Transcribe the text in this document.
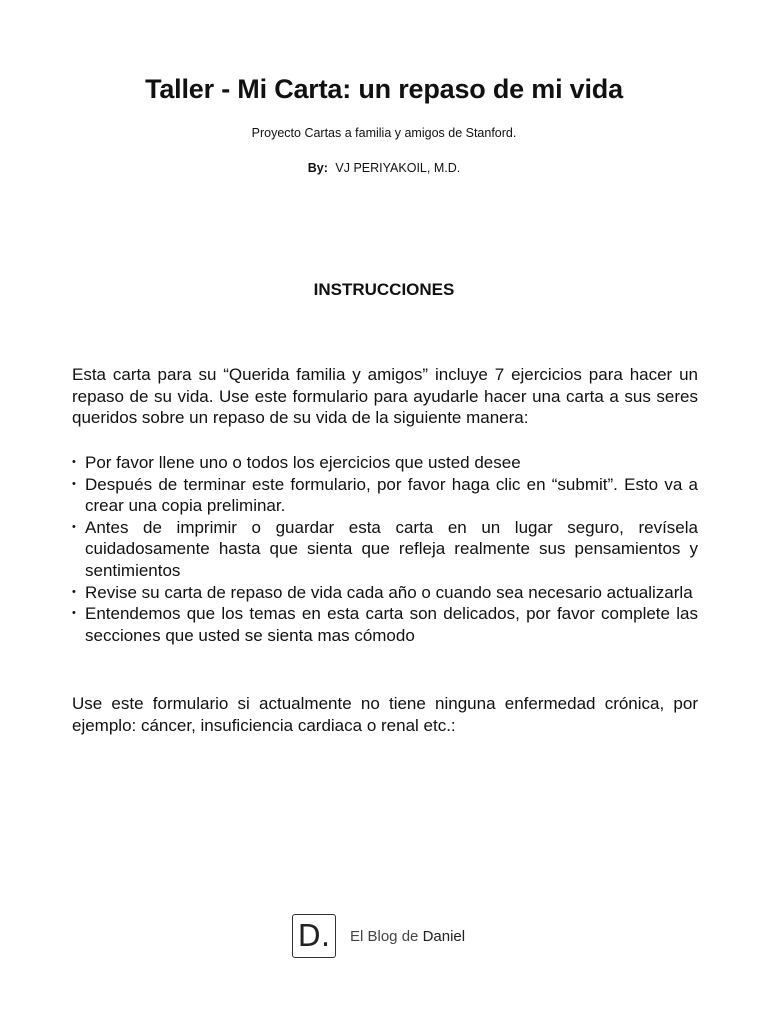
Taller - Mi Carta: un repaso de mi vida
Proyecto Cartas a familia y amigos de Stanford.
By: VJ PERIYAKOIL, M.D.
INSTRUCCIONES
Esta carta para su “Querida familia y amigos” incluye 7 ejercicios para hacer un repaso de su vida. Use este formulario para ayudarle hacer una carta a sus seres queridos sobre un repaso de su vida de la siguiente manera:
• Por favor llene uno o todos los ejercicios que usted desee
• Después de terminar este formulario, por favor haga clic en “submit”. Esto va a crear una copia preliminar.
• Antes de imprimir o guardar esta carta en un lugar seguro, revísela cuidadosamente hasta que sienta que refleja realmente sus pensamientos y sentimientos
• Revise su carta de repaso de vida cada año o cuando sea necesario actualizarla
• Entendemos que los temas en esta carta son delicados, por favor complete las secciones que usted se sienta mas cómodo
Use este formulario si actualmente no tiene ninguna enfermedad crónica, por ejemplo: cáncer, insuficiencia cardiaca o renal etc.:
D. El Blog de Daniel
